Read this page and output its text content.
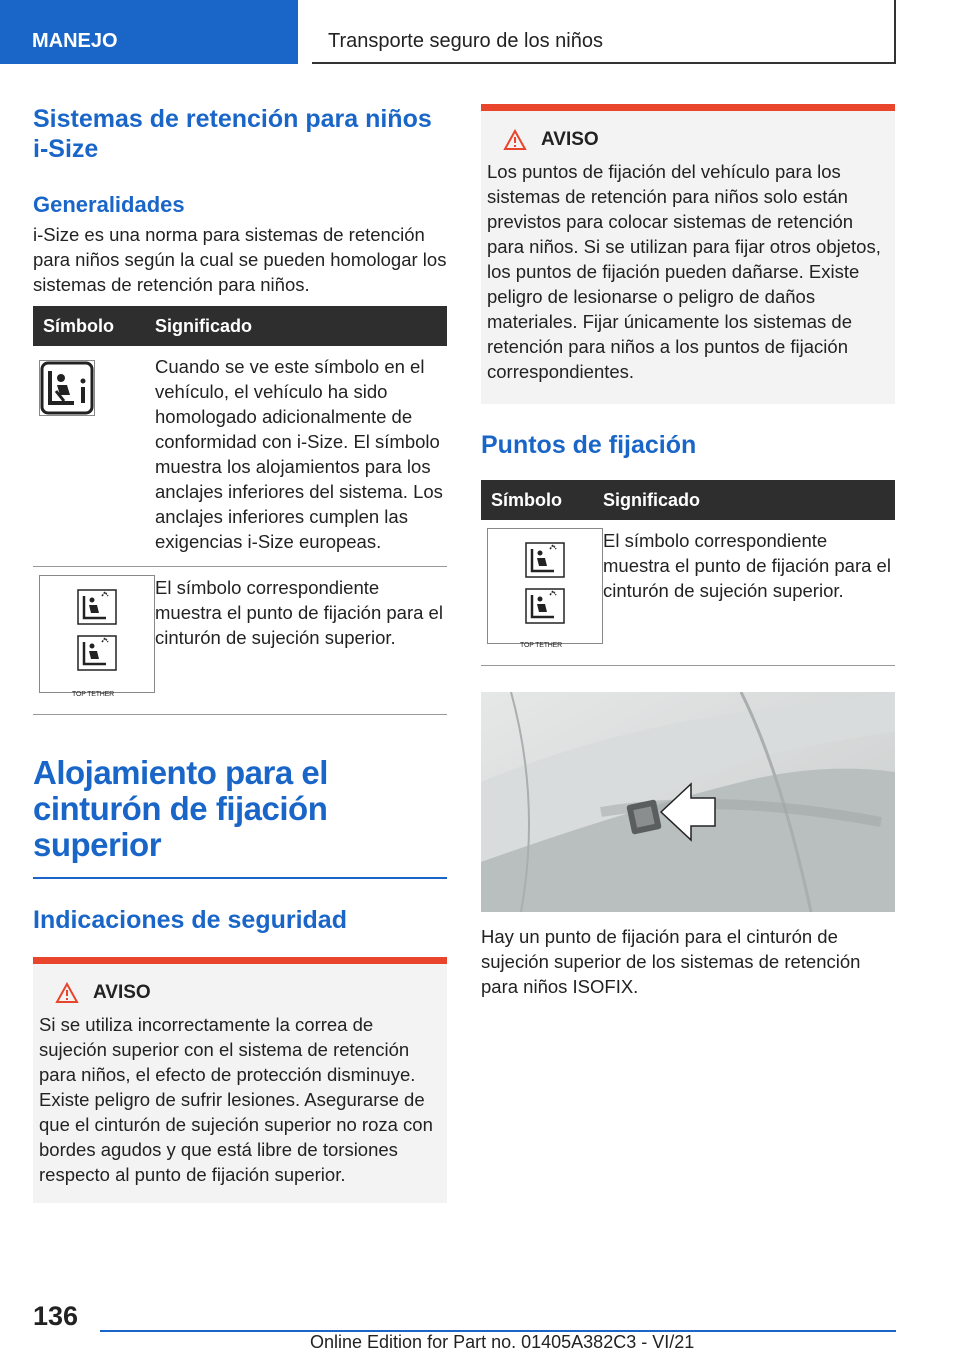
MANEJO	Transporte seguro de los niños
Sistemas de retención para niños
i-Size
Generalidades

i-Size es una norma para sistemas de retención para niños según la cual se pueden homologar los sistemas de retención para niños.

Símbolo	Significado
	Cuando se ve este símbolo en el vehículo, el vehículo ha sido homologado adicionalmente de conformidad con i-Size. El símbolo muestra los alojamientos para los anclajes inferiores del sistema. Los anclajes inferiores cumplen las exigencias i-Size europeas.

TOP TETHER	El símbolo correspondiente muestra el punto de fijación para el cinturón de sujeción superior.
Alojamiento para el
cinturón de fijación
superior
Indicaciones de seguridad
AVISO

Si se utiliza incorrectamente la correa de sujeción superior con el sistema de retención para niños, el efecto de protección disminuye. Existe peligro de sufrir lesiones. Asegurarse de que el cinturón de sujeción superior no roza con bordes agudos y que está libre de torsiones respecto al punto de fijación superior.

AVISO

Los puntos de fijación del vehículo para los sistemas de retención para niños solo están previstos para colocar sistemas de retención para niños. Si se utilizan para fijar otros objetos, los puntos de fijación pueden dañarse. Existe peligro de lesionarse o peligro de daños materiales. Fijar únicamente los sistemas de retención para niños a los puntos de fijación correspondientes.

Puntos de fijación
Símbolo	Significado

TOP TETHER	El símbolo correspondiente muestra el punto de fijación para el cinturón de sujeción superior.

Hay un punto de fijación para el cinturón de sujeción superior de los sistemas de retención para niños ISOFIX.

136
Online Edition for Part no. 01405A382C3 - VI/21
